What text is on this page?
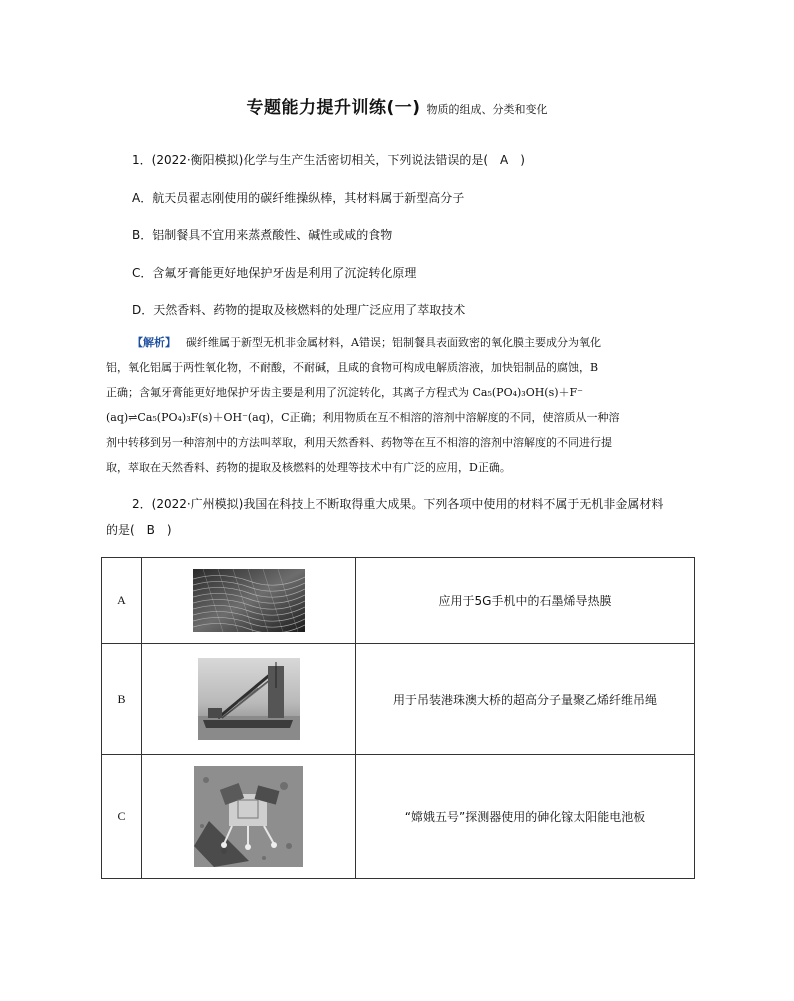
专题能力提升训练(一) 物质的组成、分类和变化
1．(2022·衡阳模拟)化学与生产生活密切相关，下列说法错误的是(　A　)
A．航天员翟志刚使用的碳纤维操纵棒，其材料属于新型高分子
B．铝制餐具不宜用来蒸煮酸性、碱性或咸的食物
C．含氟牙膏能更好地保护牙齿是利用了沉淀转化原理
D．天然香料、药物的提取及核燃料的处理广泛应用了萃取技术

【解析】 碳纤维属于新型无机非金属材料，A错误；铝制餐具表面致密的氧化膜主要成分为氧化

铝，氧化铝属于两性氧化物，不耐酸，不耐碱，且咸的食物可构成电解质溶液，加快铝制品的腐蚀，B

正确；含氟牙膏能更好地保护牙齿主要是利用了沉淀转化，其离子方程式为 Ca₅(PO₄)₃OH(s)＋F⁻

(aq)⇌Ca₅(PO₄)₃F(s)＋OH⁻(aq)，C正确；利用物质在互不相溶的溶剂中溶解度的不同，使溶质从一种溶

剂中转移到另一种溶剂中的方法叫萃取，利用天然香料、药物等在互不相溶的溶剂中溶解度的不同进行提

取，萃取在天然香料、药物的提取及核燃料的处理等技术中有广泛的应用，D正确。

2．(2022·广州模拟)我国在科技上不断取得重大成果。下列各项中使用的材料不属于无机非金属材料

的是(　B　)

A		应用于5G手机中的石墨烯导热膜
B		用于吊装港珠澳大桥的超高分子量聚乙烯纤维吊绳
C		“嫦娥五号”探测器使用的砷化镓太阳能电池板
